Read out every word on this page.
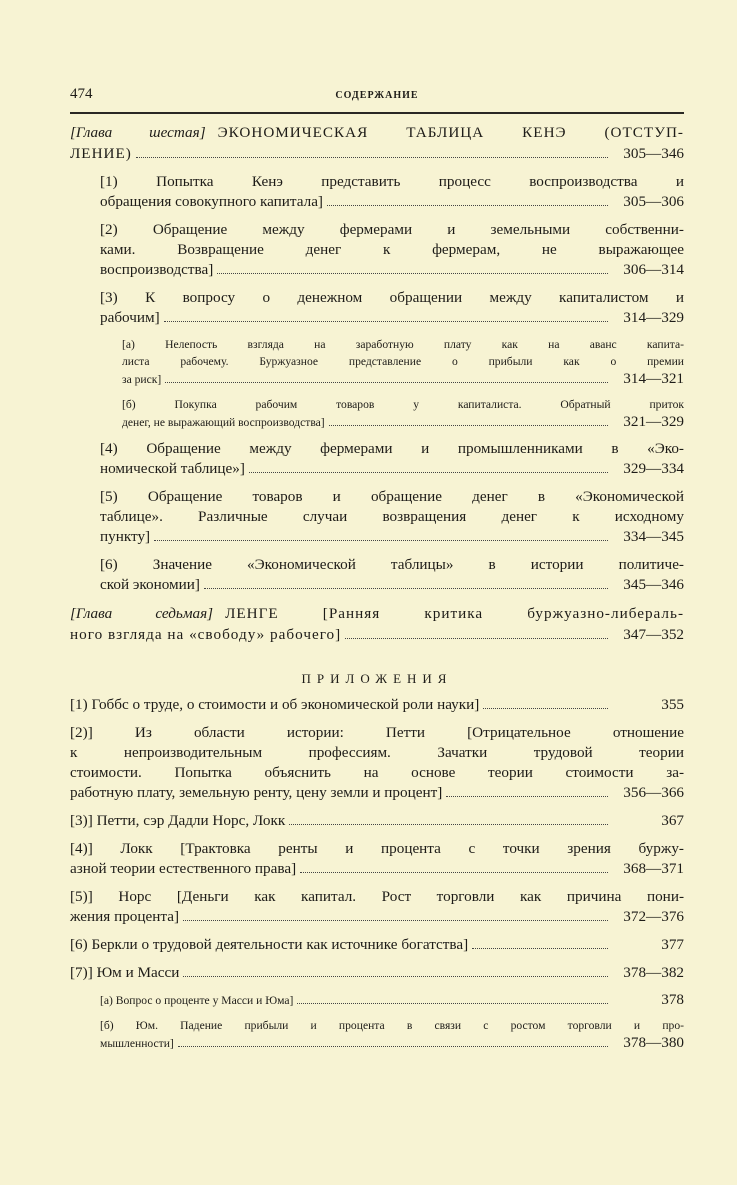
474	СОДЕРЖАНИЕ
[Глава шестая] ЭКОНОМИЧЕСКАЯ ТАБЛИЦА КЕНЭ (ОТСТУП-
ЛЕНИЕ)	305—346
[1) Попытка Кенэ представить процесс воспроизводства и
обращения совокупного капитала]	305—306
[2) Обращение между фермерами и земельными собственни-
ками. Возвращение денег к фермерам, не выражающее
воспроизводства]	306—314
[3) К вопросу о денежном обращении между капиталистом и
рабочим]	314—329
[а) Нелепость взгляда на заработную плату как на аванс капита-
листа рабочему. Буржуазное представление о прибыли как о премии
за риск]	314—321
[б) Покупка рабочим товаров у капиталиста. Обратный приток
денег, не выражающий воспроизводства]	321—329
[4) Обращение между фермерами и промышленниками в «Эко-
номической таблице»]	329—334
[5) Обращение товаров и обращение денег в «Экономической
таблице». Различные случаи возвращения денег к исходному
пункту]	334—345
[6) Значение «Экономической таблицы» в истории политиче-
ской экономии]	345—346
[Глава седьмая] ЛЕНГЕ [Ранняя критика буржуазно-либераль-
ного взгляда на «свободу» рабочего]	347—352
ПРИЛОЖЕНИЯ
[1) Гоббс о труде, о стоимости и об экономической роли науки]	355
[2)] Из области истории: Петти [Отрицательное отношение
к непроизводительным профессиям. Зачатки трудовой теории
стоимости. Попытка объяснить на основе теории стоимости за-
работную плату, земельную ренту, цену земли и процент]	356—366
[3)] Петти, сэр Дадли Норс, Локк	367
[4)] Локк [Трактовка ренты и процента с точки зрения буржу-
азной теории естественного права]	368—371
[5)] Норс [Деньги как капитал. Рост торговли как причина пони-
жения процента]	372—376
[6) Беркли о трудовой деятельности как источнике богатства]	377
[7)] Юм и Масси	378—382
[а) Вопрос о проценте у Масси и Юма]	378
[б) Юм. Падение прибыли и процента в связи с ростом торговли и про-
мышленности]	378—380
